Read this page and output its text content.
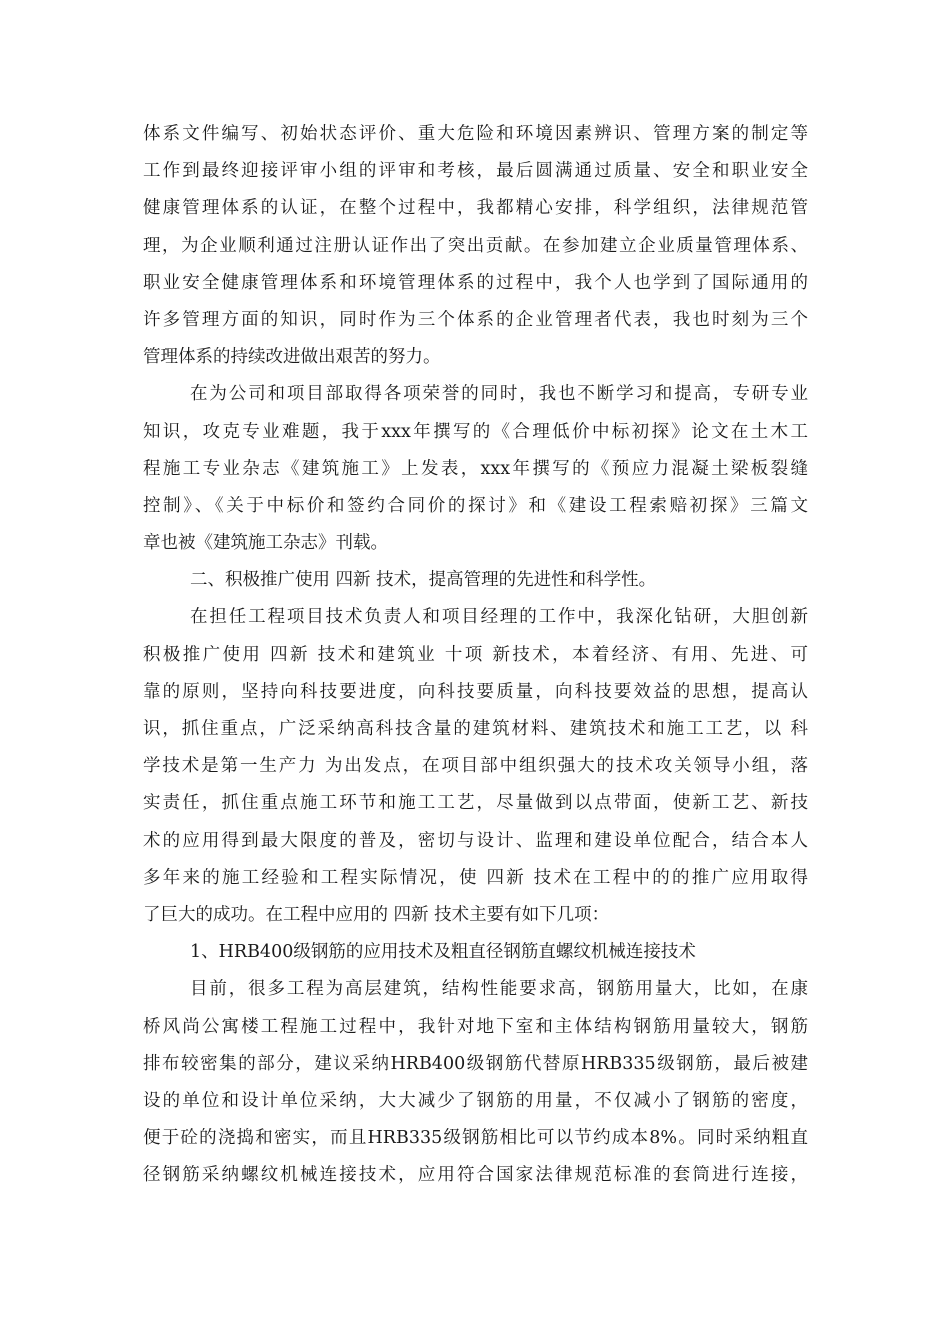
体系文件编写、初始状态评价、重大危险和环境因素辨识、管理方案的制定等
工作到最终迎接评审小组的评审和考核，最后圆满通过质量、安全和职业安全
健康管理体系的认证，在整个过程中，我都精心安排，科学组织，法律规范管
理，为企业顺利通过注册认证作出了突出贡献。在参加建立企业质量管理体系、
职业安全健康管理体系和环境管理体系的过程中，我个人也学到了国际通用的
许多管理方面的知识，同时作为三个体系的企业管理者代表，我也时刻为三个
管理体系的持续改进做出艰苦的努力。
在为公司和项目部取得各项荣誉的同时，我也不断学习和提高，专研专业
知识，攻克专业难题，我于xxx年撰写的《合理低价中标初探》论文在土木工
程施工专业杂志《建筑施工》上发表，xxx年撰写的《预应力混凝土梁板裂缝
控制》、《关于中标价和签约合同价的探讨》和《建设工程索赔初探》三篇文
章也被《建筑施工杂志》刊载。
二、积极推广使用 四新 技术，提高管理的先进性和科学性。
在担任工程项目技术负责人和项目经理的工作中，我深化钻研，大胆创新
积极推广使用 四新 技术和建筑业 十项 新技术，本着经济、有用、先进、可
靠的原则，坚持向科技要进度，向科技要质量，向科技要效益的思想，提高认
识，抓住重点，广泛采纳高科技含量的建筑材料、建筑技术和施工工艺，以 科
学技术是第一生产力 为出发点，在项目部中组织强大的技术攻关领导小组，落
实责任，抓住重点施工环节和施工工艺，尽量做到以点带面，使新工艺、新技
术的应用得到最大限度的普及，密切与设计、监理和建设单位配合，结合本人
多年来的施工经验和工程实际情况，使 四新 技术在工程中的的推广应用取得
了巨大的成功。在工程中应用的 四新 技术主要有如下几项：
1、HRB400级钢筋的应用技术及粗直径钢筋直螺纹机械连接技术
目前，很多工程为高层建筑，结构性能要求高，钢筋用量大，比如，在康
桥风尚公寓楼工程施工过程中，我针对地下室和主体结构钢筋用量较大，钢筋
排布较密集的部分，建议采纳HRB400级钢筋代替原HRB335级钢筋，最后被建
设的单位和设计单位采纳，大大减少了钢筋的用量，不仅减小了钢筋的密度，
便于砼的浇捣和密实，而且HRB335级钢筋相比可以节约成本8%。同时采纳粗直
径钢筋采纳螺纹机械连接技术，应用符合国家法律规范标准的套筒进行连接，
